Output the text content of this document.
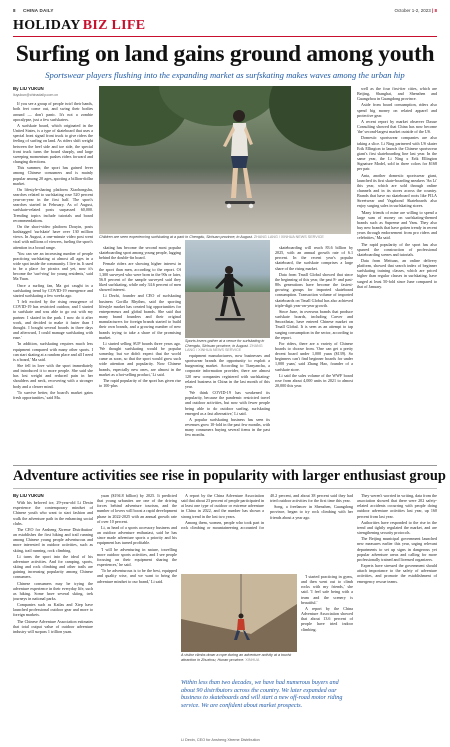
8 CHINA DAILY	October 1-2, 2023 | 8
HOLIDAY BIZ LIFE
Surfing on land gains ground among youth
Sportswear players flushing into the expanding market as surfskating makes waves among the urban hip
By LIU YUKUN
liuyukun@chinadaily.com.cn

If you see a group of people twirl their hands, both feet come out, and swing their bodies around — don't panic. It's not a zombie apocalypse, just a few surfskaters.

A surfskate board, which originated in the United States, is a type of skateboard that uses a special front signal front truck to give riders the feeling of surfing on land. As riders shift weight between the heel side and toe side, the special front truck turns the board sharply, and large sweeping momentum pushes riders forward and changing directions.

This summer, the sport has gained fever among Chinese consumers and is mainly popular among 20 ages, sporting a billion-dollar market.

On lifestyle-sharing platform Xiaohongshu, searches related to surfskating rose 520 percent year-on-year in the first half. The sport's searches started in February. As of August, surfskate-related posts surpassed 60,000. Trending topics include tutorials and board recommendations.

On the short-video platform Douyin, posts hashtagged 'surfskate' have over 130 million views. In August, a one-minute video post went viral with millions of viewers, fueling the sport's attention in a broad range.

'You can see an increasing number of people practicing surfskating at almost all ages in a wide spot inside the community. I live in. It used to be a place for picnics and yet, now it's become the 'surf-ring' for young residents,' said Ma Yuan.

Once a surfing fan, Ma got caught in a surfskating trend by COVID-19 emergence and started surfskating a few weeks ago.

'I felt excited by the rising resurgence of COVID-19 has restricted outdoor, and I started to surfskate and was able to go out with my partner. I skated in the park. I now do it after work, and decided to make it faster than I thought. I bought several boards in three days and afterward, I could manage surfskating with ease.'

'In addition, surfskating requires much less equipment compared with many other sports. I can start skating at a random place and all I need is a board,' Ma said.

She fell in love with the sport immediately and introduced it to more people. She said she has lost weight and reduced pain in her shoulders and neck, recovering with a stronger body and a clearer mind.

'To survive better, the board's market gains fresh opportunities,' said Ma.

Children are seen experiencing surfskating at a park in Chengdu, Sichuan province, in August. ZHANG LANG / XINHUA NEWS SERVICE

skateboarding will reach 83.6 billion by 2025, with an annual growth rate of 6.1 percent. In the recent year's popular skateboard, the surfskate comprises a large share of the rising market.

Data from Tmall Global showed that since the beginning of this year, the past 8- and past-80s generations have become the fastest-growing groups for imported skateboard consumption. Transaction volume of imported skateboards on Tmall Global has also achieved triple-digit year-on-year growth.

Since June, in overseas brands that produce surfskate boards, including Carver and Smoothstar, have entered Chinese market on Tmall Global. It is seen as an attempt to tap surging consumption in the sector, according to the report.

For riders, there are a variety of Chinese boards to choose from. 'One can get a pretty decent board under 1,000 yuan ($139). So beginners can't find beginner boards for under 1,000 yuan,' said Zhang Hao, founder of a surfskate store.

Li said the sales volume of the WWF board rose from about 4,000 units in 2021 to almost 20,000 this year.

skating has become the second most popular skateboarding sport among young people, lagging behind the double-fin board.

Female riders are showing higher interest in the sport than men, according to the report. Of 1,300 surveyed who were born in the 90s or later, 56.8 percent of the sample surveyed said they liked surfskating, while only 34.6 percent of men showed interest.

Li Dezhi, founder and CEO of surfskating business Gorilla Rhythm, said the sporting lifestyle market has created big opportunities for entrepreneurs and global brands. She said that many brand founders and their original manufacturers for foreign brands started to build their own brands, and a growing number of new brands trying to take a share of the promising market.

Li started selling SUP boards three years ago. 'We thought surfskating would be popular someday, but we didn't expect that the world came as soon, so that the sport would grow such wide attention and popularity. Now Chinese brands, especially new ones, are almost in the market as a hot-selling product,' Li said.

The rapid popularity of the sport has given rise to 100-plus

Sports lovers gather at a venue for surfskating in Chengdu, Sichuan province, in August. ZHANG LANG / XINHUA NEWS SERVICE

equipment manufacturers, now businesses and sportswear brands the opportunity to exploit a burgeoning market. According to Tianyancha, a corporate information provider, there are almost 120 new companies registered with surfskating-related business in China in the last month of this year.

'We think COVID-19 has weakened its popularity, because the pandemic restricted travel and outdoor activities, but now with fewer people being able to do outdoor surfing, surfskating emerged as a fast alternative,' Li said.

A popular surfskating business has seen its revenues grow 10-fold in the past few months, with many consumers buying several items in the past few months.

well as the four first-tier cities, which are Beijing, Shanghai, and Shenzhen and Guangzhou in Guangdong province.

Aside from board consumption, riders also spend big money on related apparel and protective gear.

A recent report by market observer Daxue Consulting showed that China has now become 'the' second-largest market outside of the US.

Domestic sportswear companies are also taking a slice. Li Ning partnered with US skater Erik Ellington to launch the Chinese sportswear giant's first skateboarding line last year. In the same year, the Li Ning x Erik Ellington Signature Model, sold in three colors for $168 per pair.

Anta, another domestic sportswear giant, launched its first skate-boarding sneakers 'An Li' this year, which are sold through online channels and in its stores across the country. Brands that have no skateboard roots like FILA Streetwear and Vagabond Skateboards also enjoy surging sales in surfskating stores.

'Many friends of mine are willing to spend a large sum of money on surfskating-themed brands such as Supreme and Vans. They also buy new brands that have gotten trendy in recent years through endorsement from pro riders and celebrities,' Ma said.

The rapid popularity of the sport has also spurred the construction of professional skateboarding scenes and tutorials.

Data from Meituan, an online delivery platform, showed that search index of beginner surfskating training classes, which are priced higher than regular classes in surfskating, have surged at least 50-fold since June compared to that of January.

Adventure activities see rise in popularity with larger enthusiast group
By LIU YUKUN

With his beloved ice, 29-year-old Li Dexin experience the contemporary mindset of Chinese youth who want to start fashion and walk the adventure path in the enhancing social clubs.

The CEO for Ansheng Xtreme Distribution' an establishes the first hiking and trail running among Chinese young people adventurous and more interested in outdoor activities, such as skiing, trail running, rock climbing.

Li turns the sport into the ideal of his adventure activities. And for camping, sports, skiing and rock climbing and other trails are gaining increasing popularity among Chinese consumers.

Chinese consumers may be trying the adventure experience in their everyday life, such as hiking. Some have several skiing, trek journeys in national parks.

Companies such as Kailas and Xtep have launched professional outdoor gear and more to foreign markets.

The Chinese Adventure Association estimates that total output value of outdoor adventure industry will surpass 1 trillion yuan.

yuan ($194.8 billion) by 2025. It predicted that young urbanites are one of the driving forces behind adventure tourism, and the number of lovers will boost a rapid development phase in 2022-2025 with an annual growth rate of over 10 percent.

Li, as head of a sports accessory business and an outdoor adventure enthusiast, said he has since made adventure sports a priority and his equipment has turned profitable.

'I will be adventuring in nature, travelling more outdoor sports activities, and I see people focusing on their equipment sharing the experiences,' he said.

'To be adventurous is to be the best, equipped and quality wise, and we want to bring the adventure mindset to our brand,' Li said.

A report by the China Adventure Association said that about 23 percent of people participated in at least one type of outdoor or extreme adventure in China in 2022, and the number has shown a strong trend in the last two years.

Among them, women, people who took part in rock climbing or mountaineering accounted for 40.2 percent, and about 38 percent said they had tried outdoor activities for the first time this year.

Song, a freelancer in Shenzhen, Guangdong province, began to try rock climbing with her friends about a year ago.

A visitor climbs down a rope during an adventure activity at a tourist attraction in Zhuzhou, Hunan province. XINHUA

'I started practicing in gyms, and then went out to climb rocks with my friends,' she said. 'I feel safe being with a team and the scenery is beautiful.'

A report by the China Adventure Association showed that about 13.6 percent of people have tried indoor climbing.

Within less than two decades, we have had numerous buyers and about 90 distributors across the country. We later expanded our business to skateboards and will start a new off-road motor riding service. We are confident about market prospects.
Li Dexin, CEO for Ansheng Xtreme Distribution

They weren't worried in writing, data from the association showed that there were 202 safety-related accidents occurring with people doing outdoor adventure activities last year, up 160 percent from last year.

Authorities have responded to the rise in the trend and tightly regulated the market, and are strengthening security protocols.

The Beijing municipal government launched new measures earlier this year, urging relevant departments to set up signs in dangerous yet popular adventure areas and calling for more professionally trained and licensed organizers.

Experts have stressed the government should attach importance to the safety of adventure activities, and promote the establishment of emergency rescue teams.
